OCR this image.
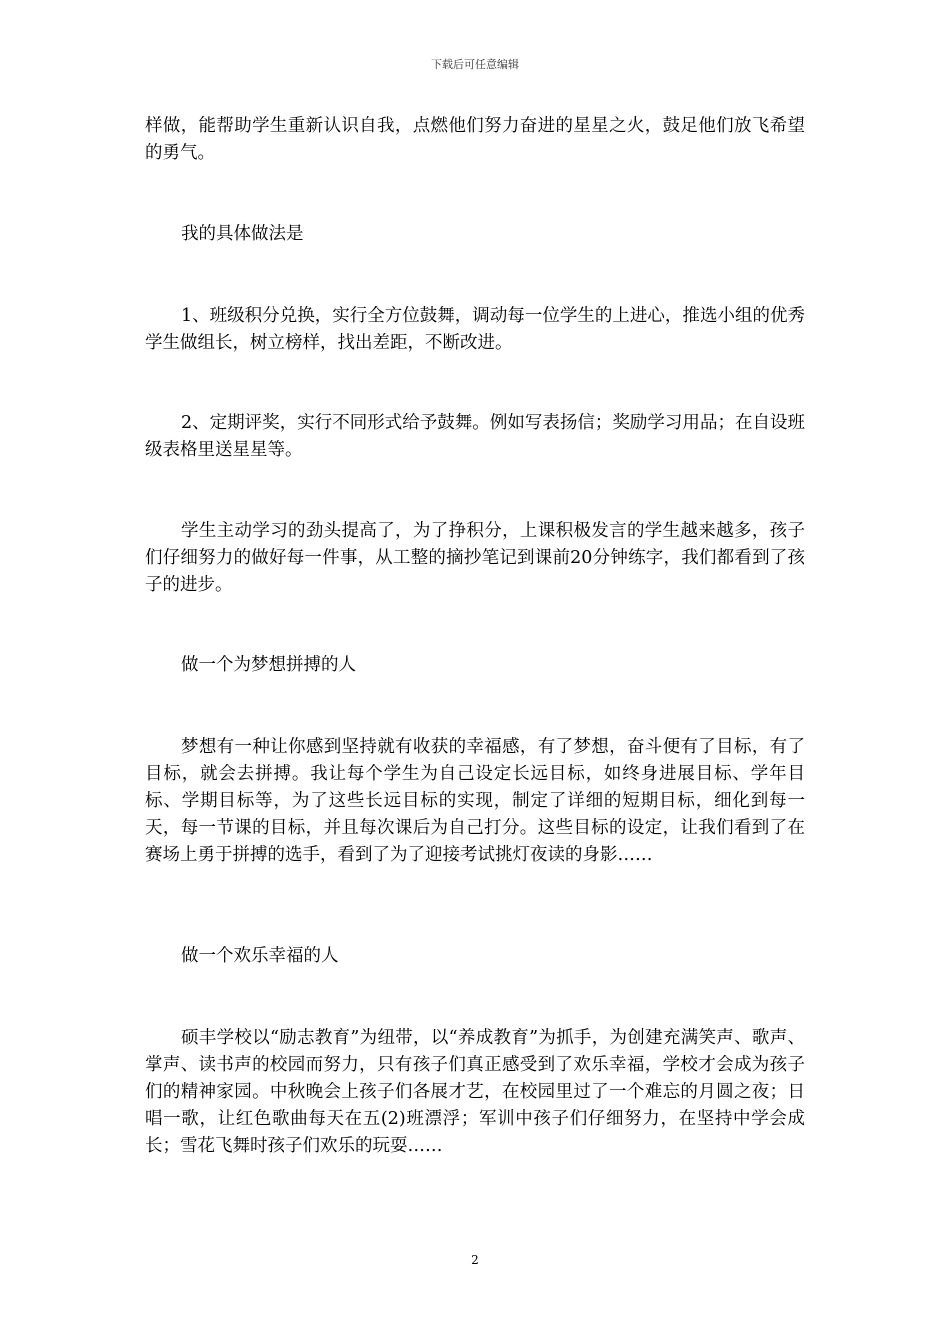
下载后可任意编辑

样做，能帮助学生重新认识自我，点燃他们努力奋进的星星之火，鼓足他们放飞希望的勇气。

我的具体做法是

1、班级积分兑换，实行全方位鼓舞，调动每一位学生的上进心，推选小组的优秀学生做组长，树立榜样，找出差距，不断改进。

2、定期评奖，实行不同形式给予鼓舞。例如写表扬信；奖励学习用品；在自设班级表格里送星星等。

学生主动学习的劲头提高了，为了挣积分，上课积极发言的学生越来越多，孩子们仔细努力的做好每一件事，从工整的摘抄笔记到课前20分钟练字，我们都看到了孩子的进步。

做一个为梦想拼搏的人

梦想有一种让你感到坚持就有收获的幸福感，有了梦想，奋斗便有了目标，有了目标，就会去拼搏。我让每个学生为自己设定长远目标，如终身进展目标、学年目标、学期目标等，为了这些长远目标的实现，制定了详细的短期目标，细化到每一天，每一节课的目标，并且每次课后为自己打分。这些目标的设定，让我们看到了在赛场上勇于拼搏的选手，看到了为了迎接考试挑灯夜读的身影……

做一个欢乐幸福的人

硕丰学校以“励志教育”为纽带，以“养成教育”为抓手，为创建充满笑声、歌声、掌声、读书声的校园而努力，只有孩子们真正感受到了欢乐幸福，学校才会成为孩子们的精神家园。中秋晚会上孩子们各展才艺，在校园里过了一个难忘的月圆之夜；日唱一歌，让红色歌曲每天在五(2)班漂浮；军训中孩子们仔细努力，在坚持中学会成长；雪花飞舞时孩子们欢乐的玩耍……

2
